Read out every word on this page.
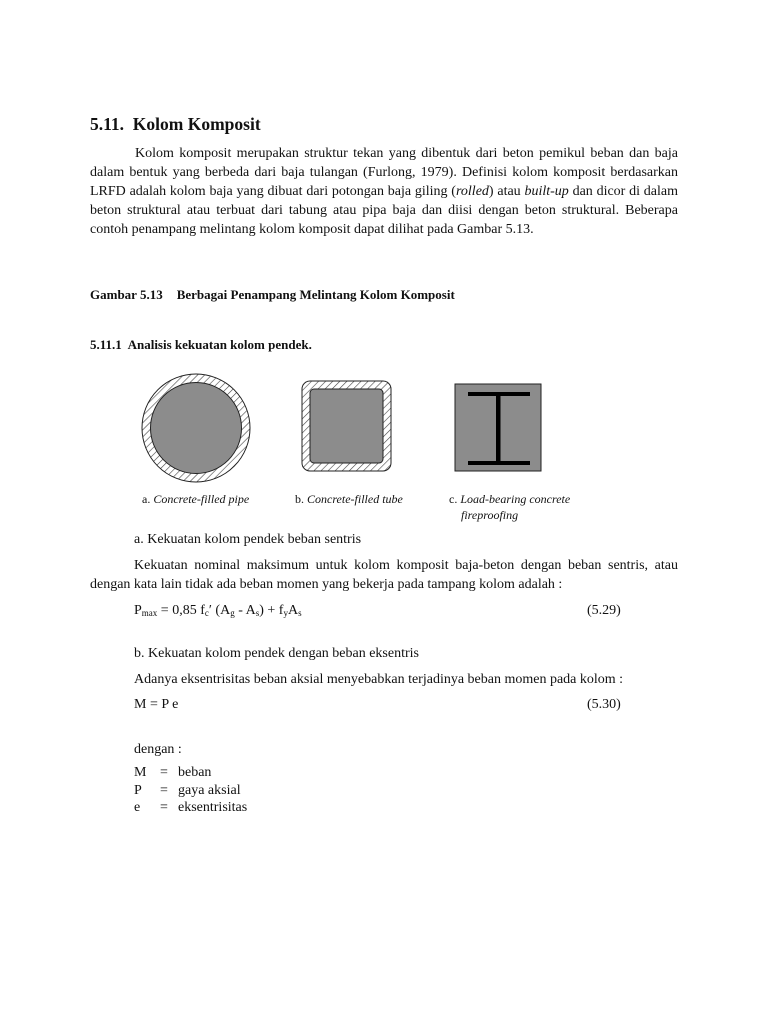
5.11. Kolom Komposit

Kolom komposit merupakan struktur tekan yang dibentuk dari beton pemikul beban dan baja dalam bentuk yang berbeda dari baja tulangan (Furlong, 1979). Definisi kolom komposit berdasarkan LRFD adalah kolom baja yang dibuat dari potongan baja giling (rolled) atau built-up dan dicor di dalam beton struktural atau terbuat dari tabung atau pipa baja dan diisi dengan beton struktural. Beberapa contoh penampang melintang kolom komposit dapat dilihat pada Gambar 5.13.

Gambar 5.13 Berbagai Penampang Melintang Kolom Komposit
5.11.1 Analisis kekuatan kolom pendek.
a. Concrete-filled pipe	b. Concrete-filled tube	c. Load-bearing concrete
fireproofing
a. Kekuatan kolom pendek beban sentris

Kekuatan nominal maksimum untuk kolom komposit baja-beton dengan beban sentris, atau dengan kata lain tidak ada beban momen yang bekerja pada tampang kolom adalah :

$P_{max} = 0,85$ $f_c'$ $(A_g - A_s) + f_yA_s$	(5.29)
b. Kekuatan kolom pendek dengan beban eksentris
Adanya eksentrisitas beban aksial menyebabkan terjadinya beban momen pada kolom :
M = P e	(5.30)
dengan :
M = beban
P = gaya aksial
e = eksentrisitas
